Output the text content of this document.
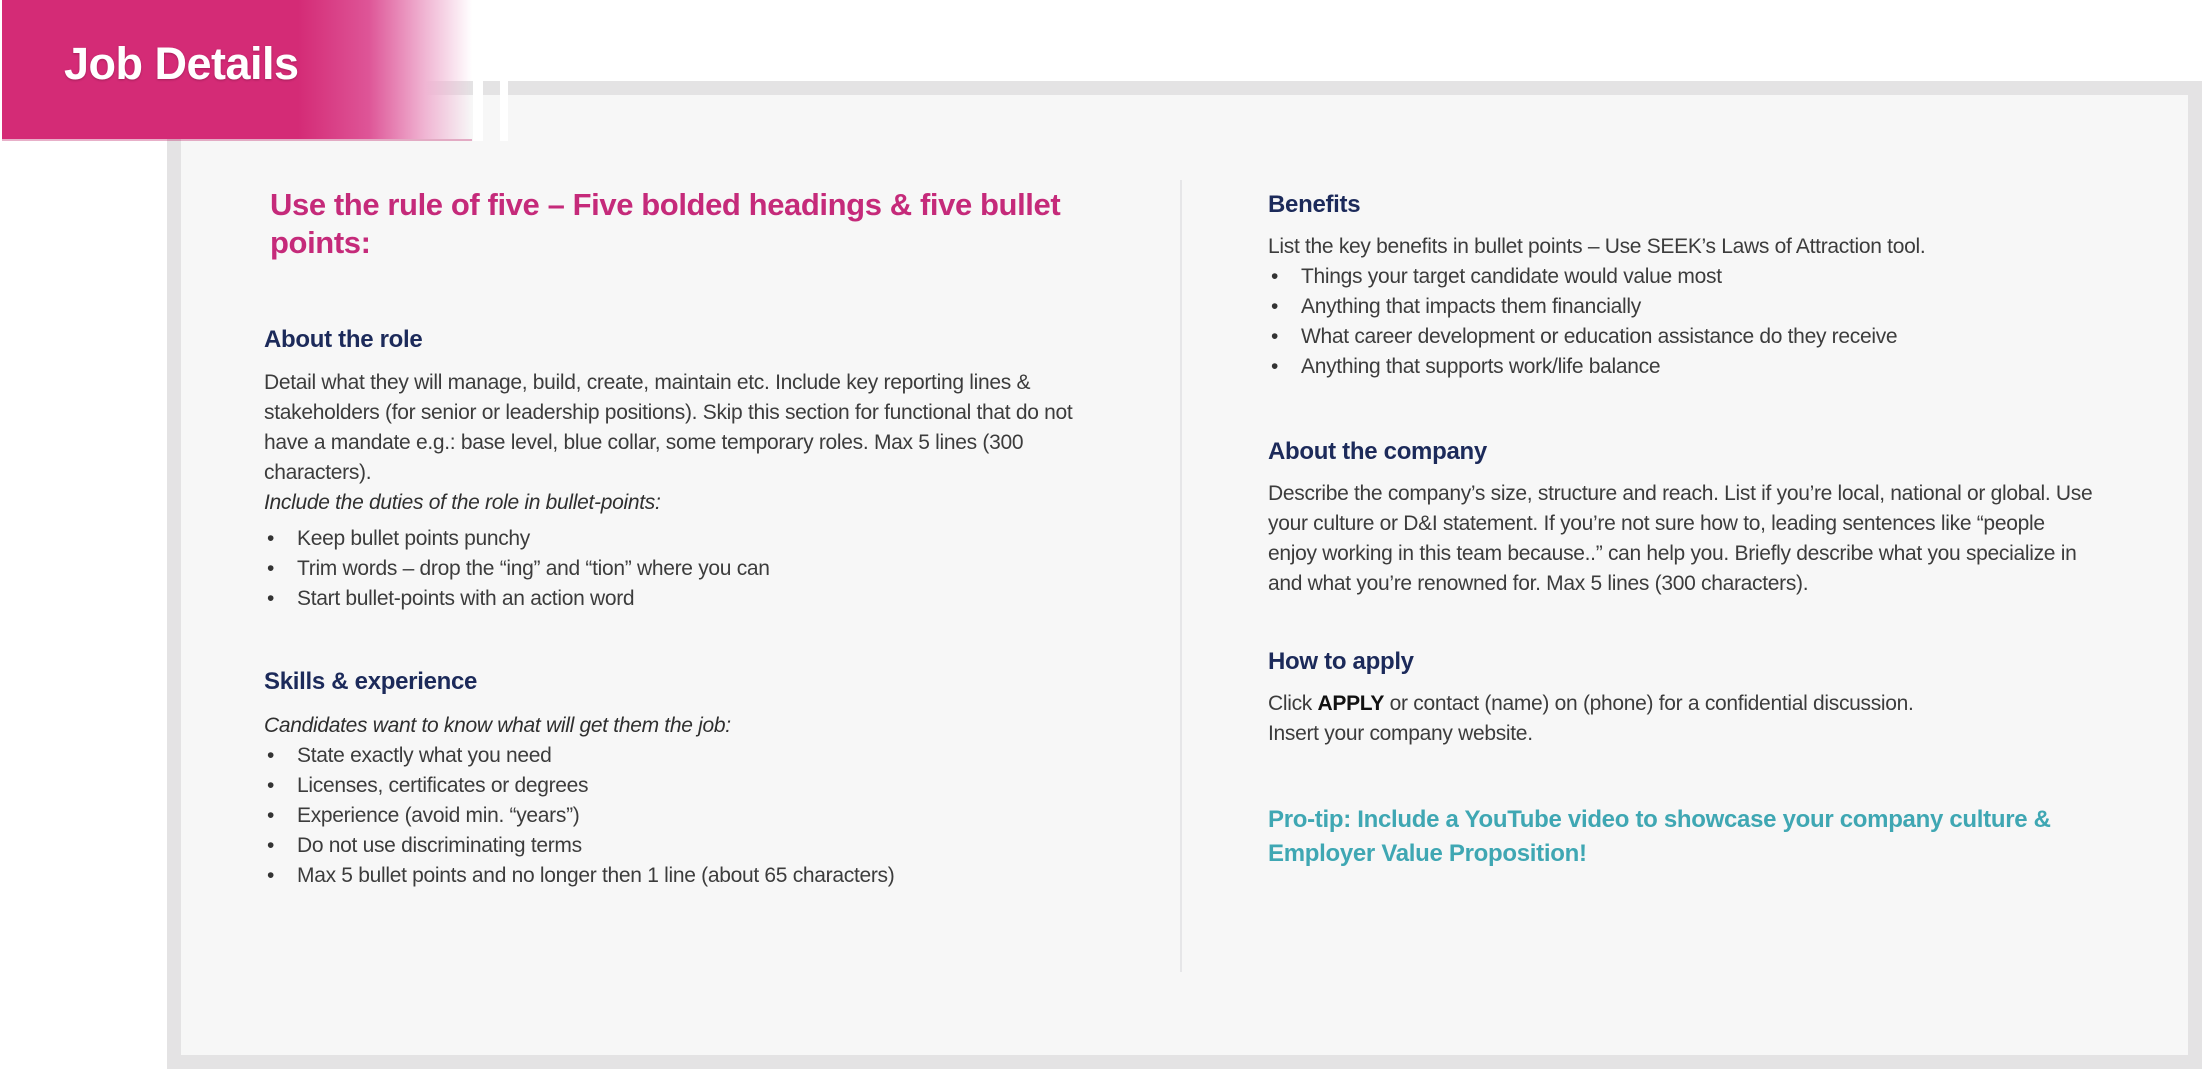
Job Details
Use the rule of five – Five bolded headings & five bullet points:
About the role

Detail what they will manage, build, create, maintain etc. Include key reporting lines & stakeholders (for senior or leadership positions). Skip this section for functional that do not have a mandate e.g.: base level, blue collar, some temporary roles. Max 5 lines (300 characters).

Include the duties of the role in bullet-points:

• Keep bullet points punchy
• Trim words – drop the “ing” and “tion” where you can
• Start bullet-points with an action word
Skills & experience

Candidates want to know what will get them the job:

• State exactly what you need
• Licenses, certificates or degrees
• Experience (avoid min. “years”)
• Do not use discriminating terms
• Max 5 bullet points and no longer then 1 line (about 65 characters)
Benefits

List the key benefits in bullet points – Use SEEK’s Laws of Attraction tool.

• Things your target candidate would value most
• Anything that impacts them financially
• What career development or education assistance do they receive
• Anything that supports work/life balance
About the company

Describe the company’s size, structure and reach. List if you’re local, national or global. Use your culture or D&I statement. If you’re not sure how to, leading sentences like “people enjoy working in this team because..” can help you. Briefly describe what you specialize in and what you’re renowned for. Max 5 lines (300 characters).

How to apply

Click APPLY or contact (name) on (phone) for a confidential discussion. Insert your company website.

Pro-tip: Include a YouTube video to showcase your company culture & Employer Value Proposition!
